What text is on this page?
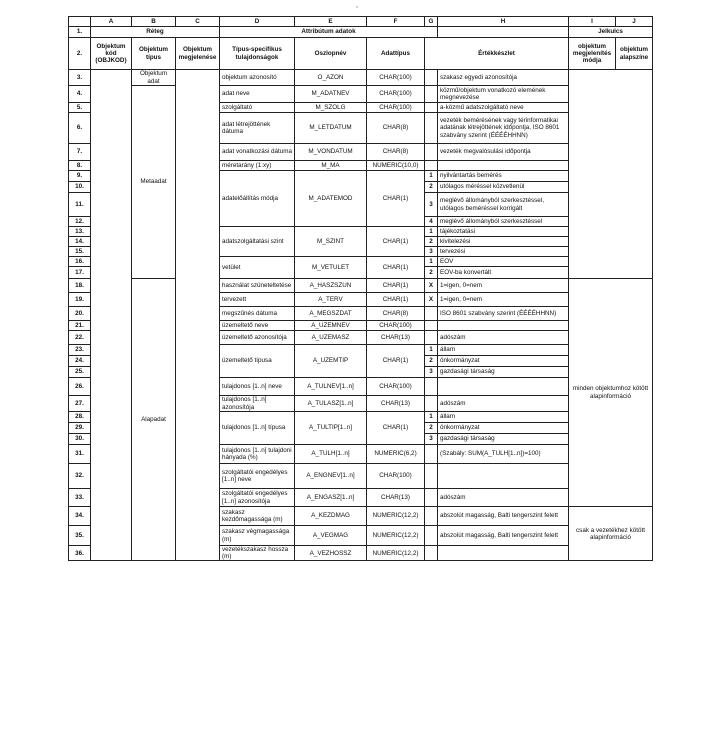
,
	A	B	C	D	E	F	G	H	I	J
1.	Réteg			Attribútum adatok					Jelkulcs	
2.	Objektum kód (OBJKOD)	Objektum típus	Objektum megjelenése	Típus-specifikus tulajdonságok	Oszlopnév	Adattípus	Értékkészlet		objektum megjelenítés módja	objektum alapszíne
3.		Objektum adat		objektum azonosító	O_AZON	CHAR(100)		szakasz egyedi azonosítója		
4.		Metaadat		adat neve	M_ADATNEV	CHAR(100)		közmű/objektum vonatkozó elemének megnevezése		
5.				szolgáltató	M_SZOLG	CHAR(100)		a-közmű adatszolgáltató neve		
6.				adat létrejöttének dátuma	M_LETDATUM	CHAR(8)		vezeték bemérésének vagy térinformatikai adatának létrejöttének időpontja, ISO 8601 szabvány szerint (ÉÉÉÉHHNN)		
7.				adat vonatkozási dátuma	M_VONDATUM	CHAR(8)		vezeték megvalósulási időpontja		
8.				méretarány (1:xy)	M_MA	NUMERIC(10,0)				
9.				adatelőállítás módja	M_ADATEMOD	CHAR(1)	1	nyilvántartás bemérés		
10.							2	utólagos méréssel közvetlenül		
11.							3	meglévő állományból szerkesztéssel, utólagos beméréssel korrigált		
12.							4	meglévő állományból szerkesztéssel		
13.				adatszolgáltatási szint	M_SZINT	CHAR(1)	1	tájékoztatási		
14.							2	kivitelezési		
15.							3	tervezési		
16.				vetület	M_VETULET	CHAR(1)	1	EOV		
17.							2	EOV-ba konvertált		
18.		Alapadat		használat szüneteltetése	A_HASZSZUN	CHAR(1)	X	1=igen, 0=nem	minden objektumhoz kötött alapinformáció	
19.				tervezett	A_TERV	CHAR(1)	X	1=igen, 0=nem		
20.				megszűnés dátuma	A_MEGSZDAT	CHAR(8)		ISO 8601 szabvány szerint (ÉÉÉÉHHNN)		
21.				üzemeltető neve	A_UZEMNEV	CHAR(100)				
22.				üzemeltető azonosítója	A_UZEMASZ	CHAR(13)		adószám		
23.				üzemeltető típusa	A_UZEMTIP	CHAR(1)	1	állam		
24.							2	önkormányzat		
25.							3	gazdasági társaság		
26.				tulajdonos [1..n] neve	A_TULNEV[1..n]	CHAR(100)				
27.				tulajdonos [1..n] azonosítója	A_TULASZ[1..n]	CHAR(13)		adószám		
28.				tulajdonos [1..n] típusa	A_TULTIP[1..n]	CHAR(1)	1	állam		
29.							2	önkormányzat		
30.							3	gazdasági társaság		
31.				tulajdonos [1..n] tulajdoni hányada (%)	A_TULH[1..n]	NUMERIC(6,2)		(Szabály: SUM(A_TULH[1..n])=100)		
32.				szolgáltatói engedélyes [1..n] neve	A_ENGNEV[1..n]	CHAR(100)				
33.				szolgáltatói engedélyes [1..n] azonosítója	A_ENGASZ[1..n]	CHAR(13)		adószám		
34.				szakasz kezdőmagassága (m)	A_KEZDMAG	NUMERIC(12,2)		abszolút magasság, Balti tengerszint felett	csak a vezetékhez kötött alapinformáció	
35.				szakasz végmagassága (m)	A_VEGMAG	NUMERIC(12,2)		abszolút magasság, Balti tengerszint felett		
36.				vezetékszakasz hossza (m)	A_VEZHOSSZ	NUMERIC(12,2)				
